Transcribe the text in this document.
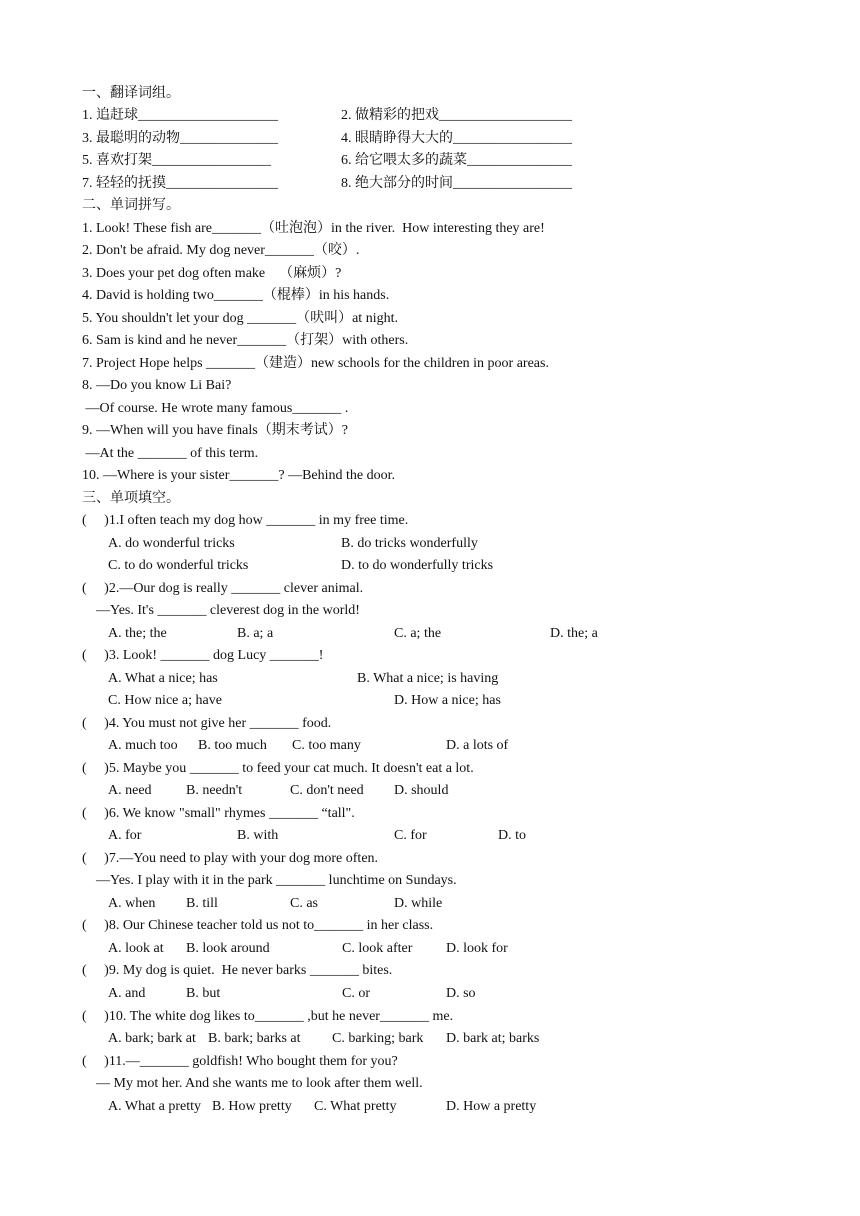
一、翻译词组。
1. 追赶球____________________	2. 做精彩的把戏___________________
3. 最聪明的动物______________	4. 眼睛睁得大大的_________________
5. 喜欢打架_________________	6. 给它喂太多的蔬菜_______________
7. 轻轻的抚摸________________	8. 绝大部分的时间_________________
二、单词拼写。
1. Look! These fish are_______（吐泡泡）in the river.  How interesting they are!
2. Don't be afraid. My dog never_______（咬）.
3. Does your pet dog often make    （麻烦）?
4. David is holding two_______（棍棒）in his hands.
5. You shouldn't let your dog _______（吠叫）at night.
6. Sam is kind and he never_______（打架）with others.
7. Project Hope helps _______（建造）new schools for the children in poor areas.
8. —Do you know Li Bai?
—Of course. He wrote many famous_______ .
9. —When will you have finals（期末考试）?
—At the _______ of this term.
10. —Where is your sister_______? —Behind the door.
三、单项填空。
(     )1.I often teach my dog how _______ in my free time.
A. do wonderful tricks	B. do tricks wonderfully
C. to do wonderful tricks	D. to do wonderfully tricks
(     )2.—Our dog is really _______ clever animal.
—Yes. It's _______ cleverest dog in the world!
A. the; the	B. a; a	C. a; the	D. the; a
(     )3. Look! _______ dog Lucy _______!
A. What a nice; has	B. What a nice; is having
C. How nice a; have	D. How a nice; has
(     )4. You must not give her _______ food.
A. much too B. too much C. too many	D. a lots of
(     )5. Maybe you _______ to feed your cat much. It doesn't eat a lot.
A. need B. needn't	C. don't need D. should
(     )6. We know "small" rhymes _______ “tall".
A. for	B. with	C. for	D. to
(     )7.—You need to play with your dog more often.
—Yes. I play with it in the park _______ lunchtime on Sundays.
A. when B. till	C. as	D. while
(     )8. Our Chinese teacher told us not to_______ in her class.
A. look at B. look around	C. look after D. look for
(     )9. My dog is quiet.  He never barks _______ bites.
A. and	B. but	C. or	D. so
(     )10. The white dog likes to_______ ,but he never_______ me.
A. bark; bark at B. bark; barks at C. barking; bark D. bark at; barks
(     )11.—_______ goldfish! Who bought them for you?
— My mot her. And she wants me to look after them well.
A. What a pretty B. How pretty C. What pretty	D. How a pretty
